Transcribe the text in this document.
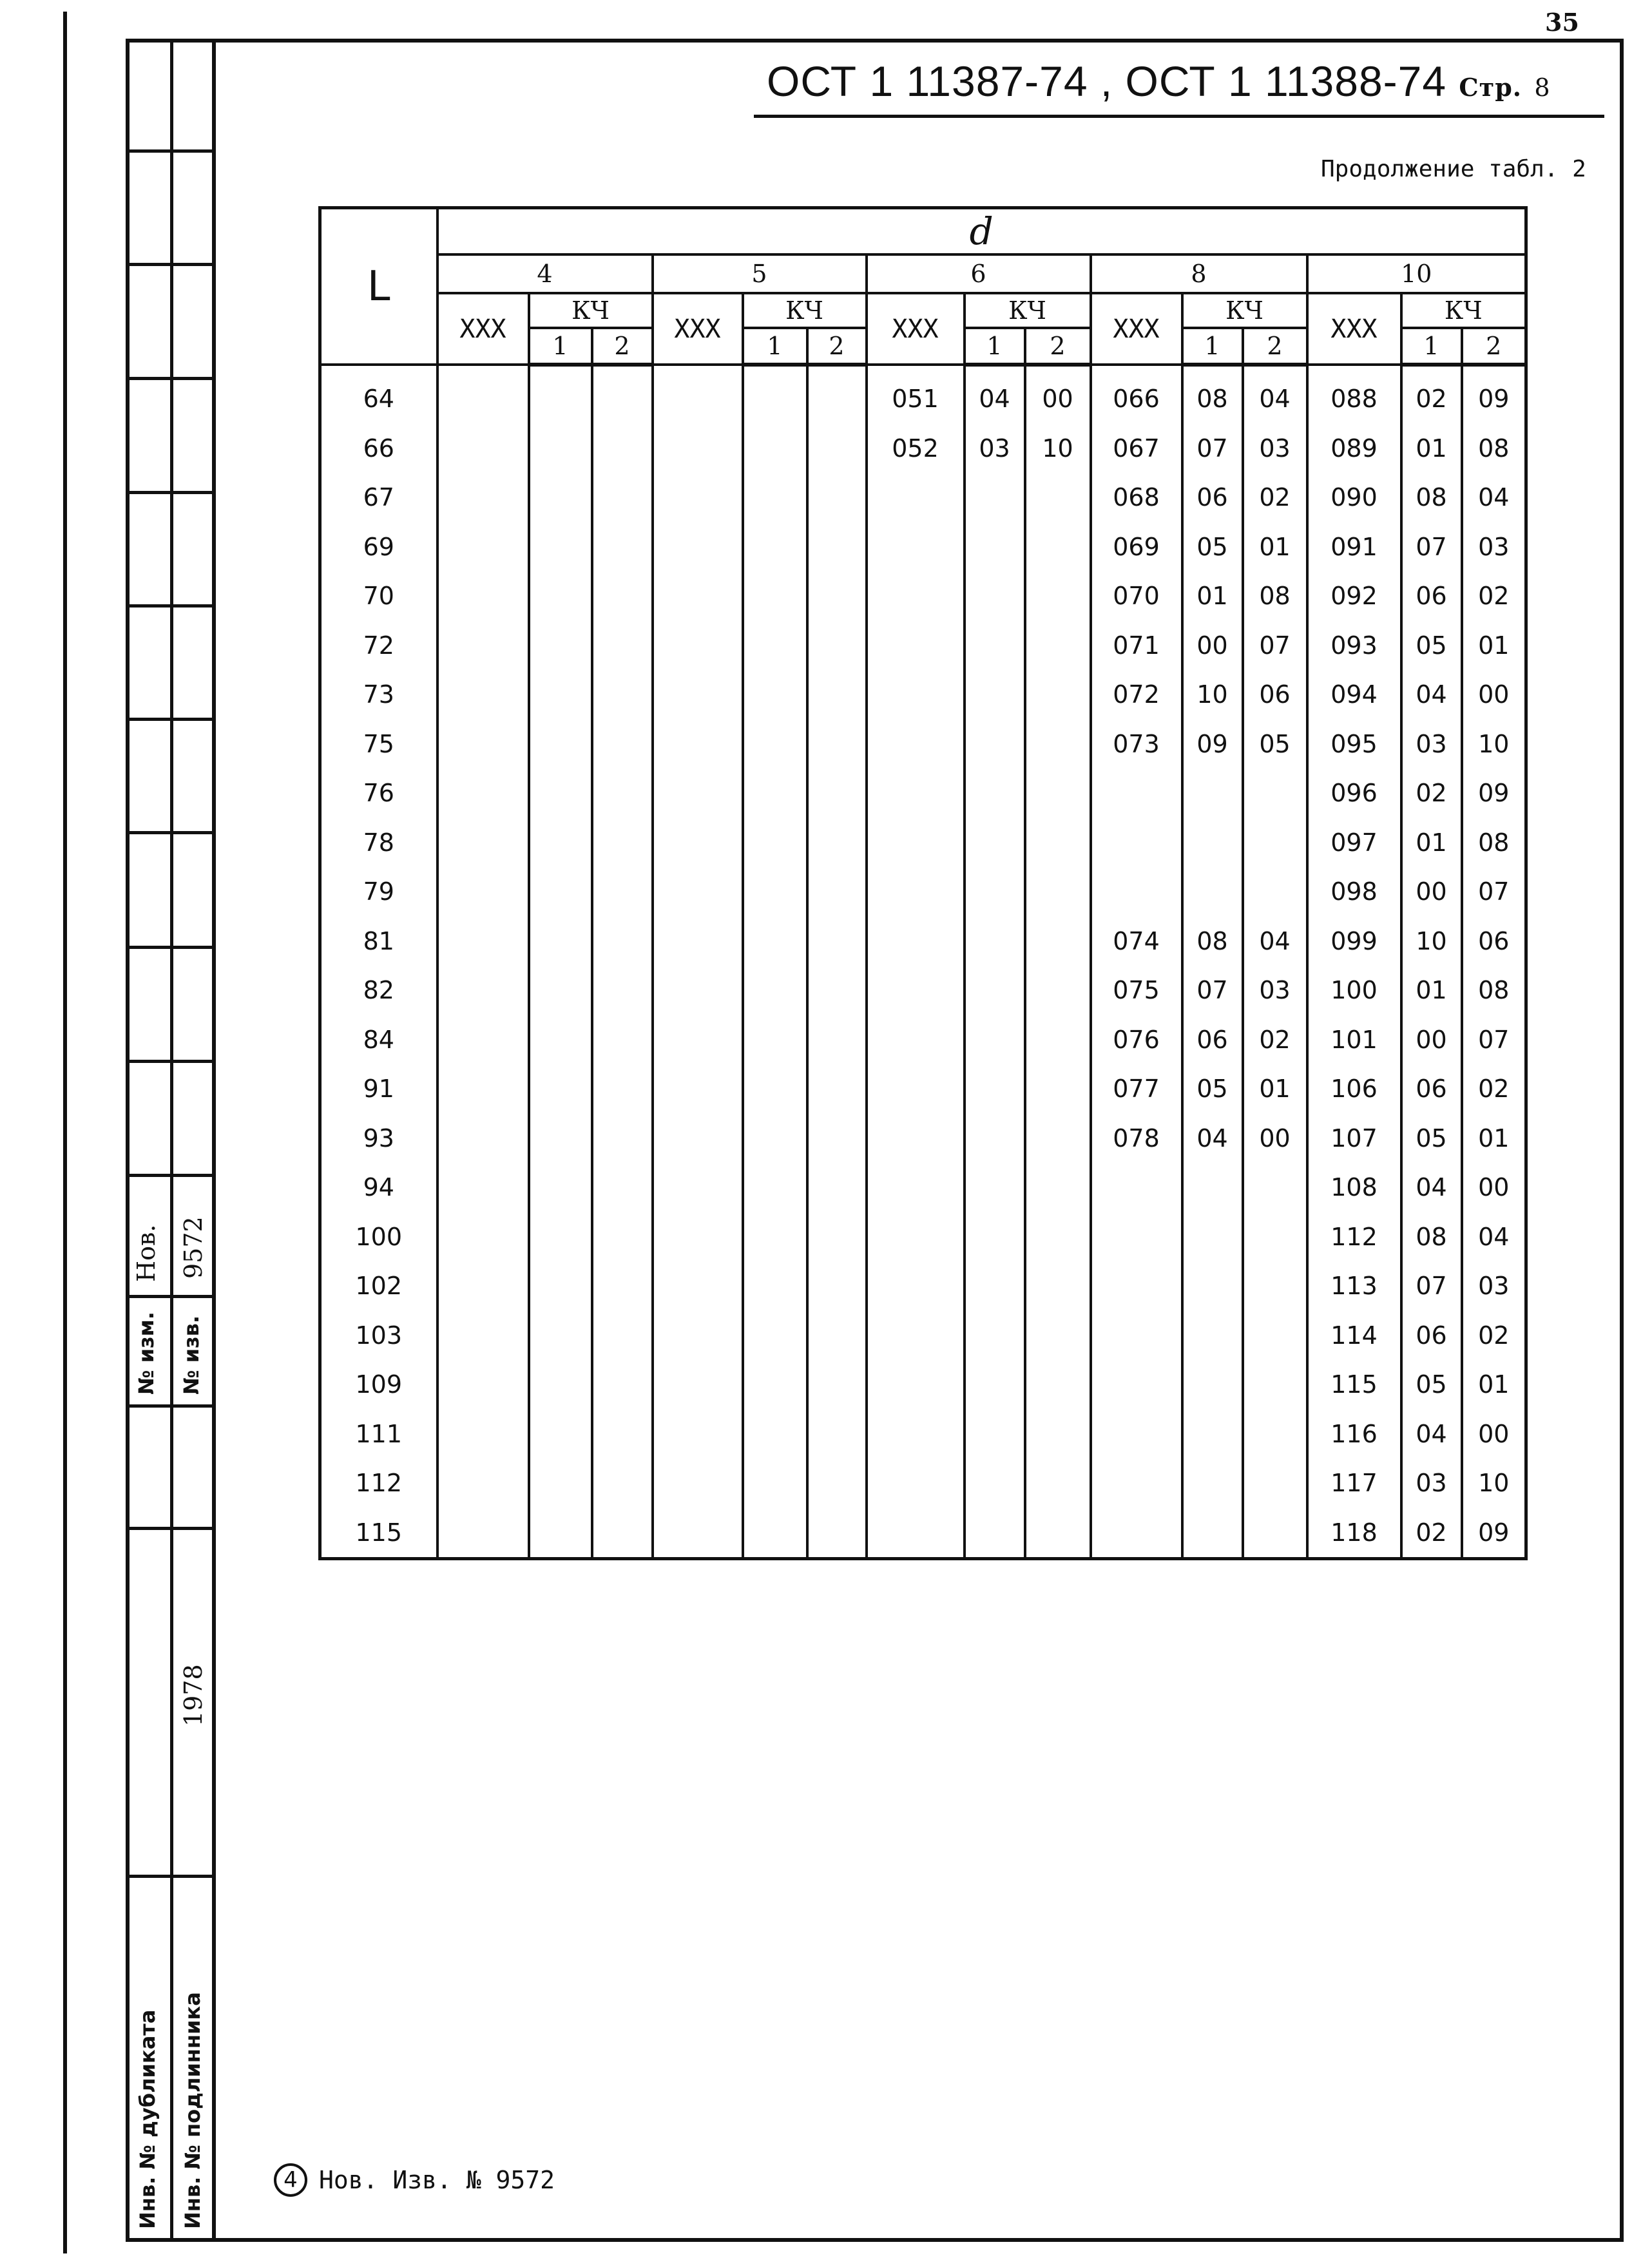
Нов. 9572
№ изм. № изв.
1978
Инв. № дубликата Инв. № подлинника
35
ОСТ 1 11387-74 , ОСТ 1 11388-74 Стр. 8
Продолжение табл. 2
L	d														
	4			5			6			8			10		
	XXX	КЧ		XXX	КЧ		XXX	КЧ		XXX	КЧ		XXX	КЧ	
		1	2		1	2		1	2		1	2		1	2
64							051	04	00	066	08	04	088	02	09
66							052	03	10	067	07	03	089	01	08
67										068	06	02	090	08	04
69										069	05	01	091	07	03
70										070	01	08	092	06	02
72										071	00	07	093	05	01
73										072	10	06	094	04	00
75										073	09	05	095	03	10
76													096	02	09
78													097	01	08
79													098	00	07
81										074	08	04	099	10	06
82										075	07	03	100	01	08
84										076	06	02	101	00	07
91										077	05	01	106	06	02
93										078	04	00	107	05	01
94													108	04	00
100													112	08	04
102													113	07	03
103													114	06	02
109													115	05	01
111													116	04	00
112													117	03	10
115													118	02	09
4 Нов. Изв. № 9572
